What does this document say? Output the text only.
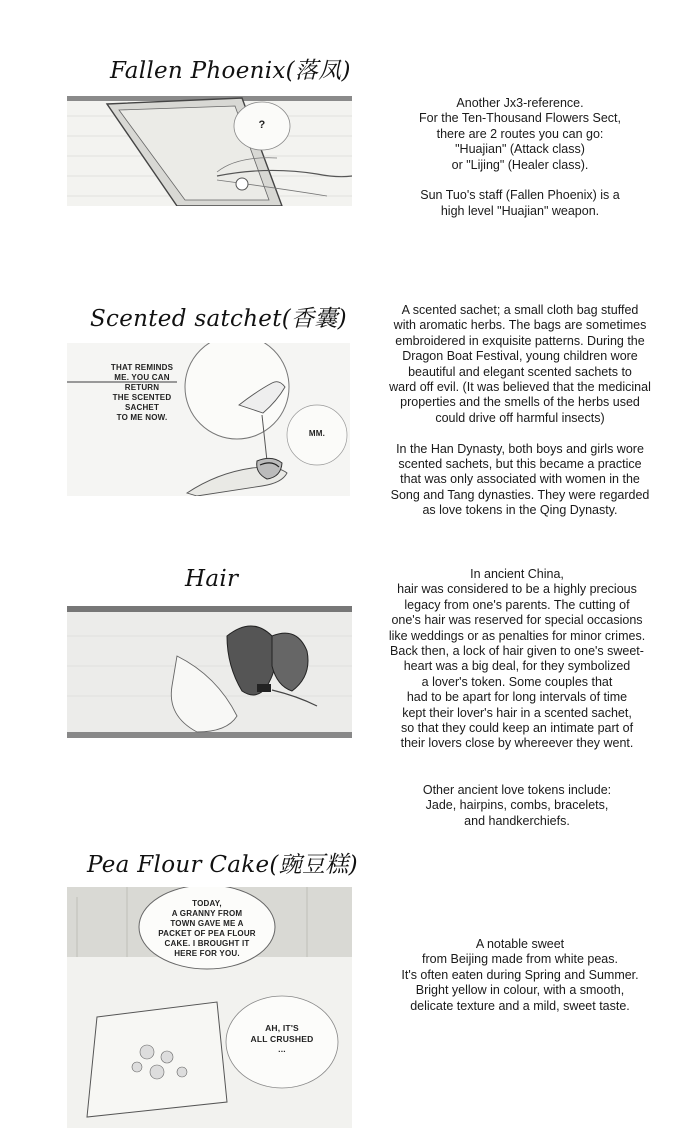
Fallen Phoenix(落凤)
?
Another Jx3-reference.
For the Ten-Thousand Flowers Sect,
there are 2 routes you can go:
"Huajian" (Attack class)
or "Lijing" (Healer class).

Sun Tuo's staff (Fallen Phoenix) is a
high level "Huajian" weapon.
Scented satchet(香囊)
THAT REMINDS
ME. YOU CAN RETURN
THE SCENTED SACHET
TO ME NOW.
MM.
A scented sachet; a small cloth bag stuffed
with aromatic herbs. The bags are sometimes
embroidered in exquisite patterns. During the
Dragon Boat Festival, young children wore
beautiful and elegant scented sachets to
ward off evil. (It was believed that the medicinal
properties and the smells of the herbs used
could drive off harmful insects)

In the Han Dynasty, both boys and girls wore
scented sachets, but this became a practice
that was only associated with women in the
Song and Tang dynasties. They were regarded
as love tokens in the Qing Dynasty.
Hair	In ancient China,
hair was considered to be a highly precious
legacy from one's parents. The cutting of
one's hair was reserved for special occasions
like weddings or as penalties for minor crimes.
Back then, a lock of hair given to one's sweet-
heart was a big deal, for they symbolized
a lover's token. Some couples that
had to be apart for long intervals of time
kept their lover's hair in a scented sachet,
so that they could keep an intimate part of
their lovers close by whereever they went.

Other ancient love tokens include:
Jade, hairpins, combs, bracelets,
and handkerchiefs.
Pea Flour Cake(豌豆糕)
TODAY,
A GRANNY FROM
TOWN GAVE ME A
PACKET OF PEA FLOUR
CAKE. I BROUGHT IT
HERE FOR YOU.
AH, IT'S
ALL CRUSHED
...
A notable sweet
from Beijing made from white peas.
It's often eaten during Spring and Summer.
Bright yellow in colour, with a smooth,
delicate texture and a mild, sweet taste.
